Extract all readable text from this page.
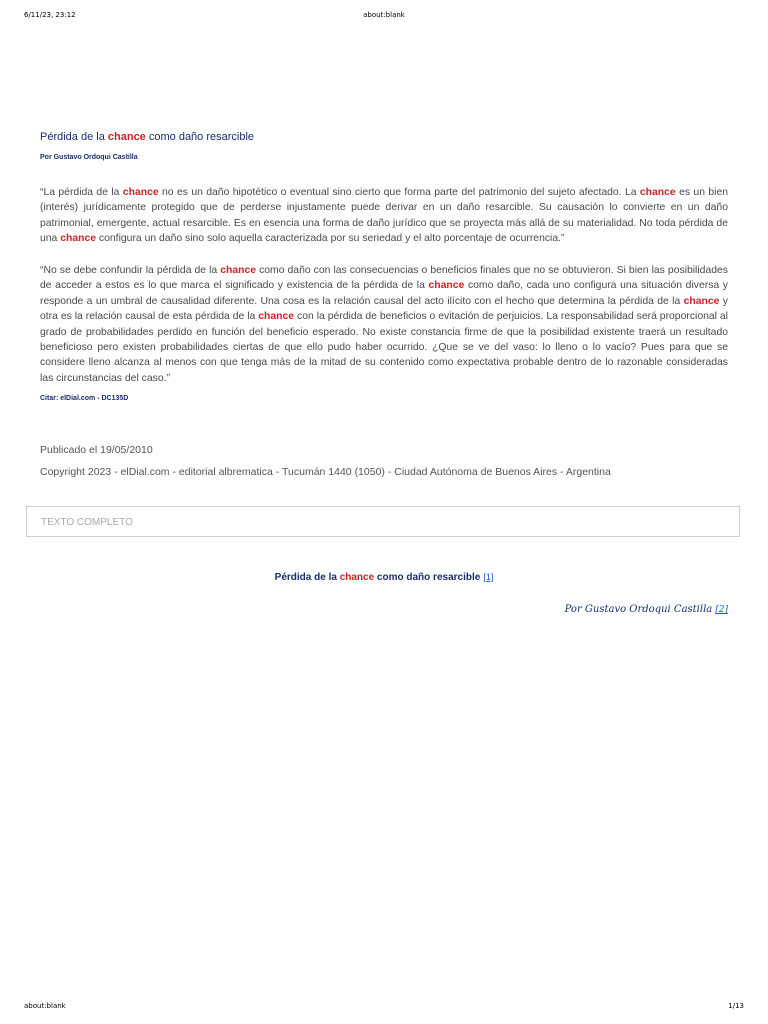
6/11/23, 23:12	about:blank
Pérdida de la chance como daño resarcible
Por Gustavo Ordoqui Castilla

“La pérdida de la chance no es un daño hipotético o eventual sino cierto que forma parte del patrimonio del sujeto afectado. La chance es un bien (interés) jurídicamente protegido que de perderse injustamente puede derivar en un daño resarcible. Su causación lo convierte en un daño patrimonial, emergente, actual resarcible. Es en esencia una forma de daño jurídico que se proyecta más allá de su materialidad. No toda pérdida de una chance configura un daño sino solo aquella caracterizada por su seriedad y el alto porcentaje de ocurrencia.”

“No se debe confundir la pérdida de la chance como daño con las consecuencias o beneficios finales que no se obtuvieron. Si bien las posibilidades de acceder a estos es lo que marca el significado y existencia de la pérdida de la chance como daño, cada uno configura una situación diversa y responde a un umbral de causalidad diferente. Una cosa es la relación causal del acto ilícito con el hecho que determina la pérdida de la chance y otra es la relación causal de esta pérdida de la chance con la pérdida de beneficios o evitación de perjuicios. La responsabilidad será proporcional al grado de probabilidades perdido en función del beneficio esperado. No existe constancia firme de que la posibilidad existente traerá un resultado beneficioso pero existen probabilidades ciertas de que ello pudo haber ocurrido. ¿Que se ve del vaso: lo lleno o lo vacío? Pues para que se considere lleno alcanza al menos con que tenga más de la mitad de su contenido como expectativa probable dentro de lo razonable consideradas las circunstancias del caso.”

Citar: elDial.com - DC135D
Publicado el 19/05/2010
Copyright 2023 - elDial.com - editorial albrematica - Tucumán 1440 (1050) - Ciudad Autónoma de Buenos Aires - Argentina
TEXTO COMPLETO
Pérdida de la chance como daño resarcible [1]
Por Gustavo Ordoqui Castilla [2]
about:blank	1/13
